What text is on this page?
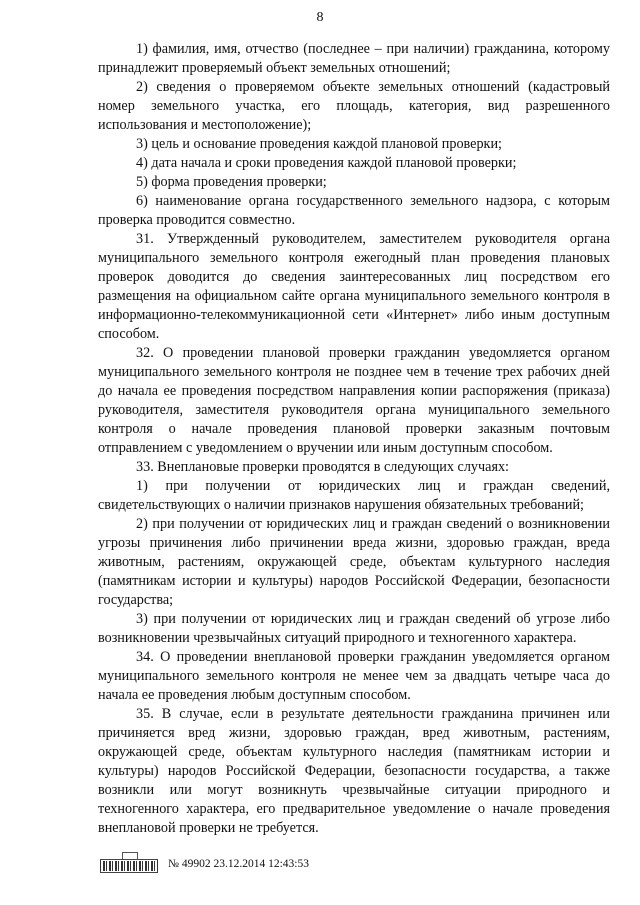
8

1) фамилия, имя, отчество (последнее – при наличии) гражданина, которому принадлежит проверяемый объект земельных отношений;

2) сведения о проверяемом объекте земельных отношений (кадастровый номер земельного участка, его площадь, категория, вид разрешенного использования и местоположение);

3) цель и основание проведения каждой плановой проверки;

4) дата начала и сроки проведения каждой плановой проверки;

5) форма проведения проверки;

6) наименование органа государственного земельного надзора, с которым проверка проводится совместно.

31. Утвержденный руководителем, заместителем руководителя органа муниципального земельного контроля ежегодный план проведения плановых проверок доводится до сведения заинтересованных лиц посредством его размещения на официальном сайте органа муниципального земельного контроля в информационно-телекоммуникационной сети «Интернет» либо иным доступным способом.

32. О проведении плановой проверки гражданин уведомляется органом муниципального земельного контроля не позднее чем в течение трех рабочих дней до начала ее проведения посредством направления копии распоряжения (приказа) руководителя, заместителя руководителя органа муниципального земельного контроля о начале проведения плановой проверки заказным почтовым отправлением с уведомлением о вручении или иным доступным способом.

33. Внеплановые проверки проводятся в следующих случаях:

1) при получении от юридических лиц и граждан сведений, свидетельствующих о наличии признаков нарушения обязательных требований;

2) при получении от юридических лиц и граждан сведений о возникновении угрозы причинения либо причинении вреда жизни, здоровью граждан, вреда животным, растениям, окружающей среде, объектам культурного наследия (памятникам истории и культуры) народов Российской Федерации, безопасности государства;

3) при получении от юридических лиц и граждан сведений об угрозе либо возникновении чрезвычайных ситуаций природного и техногенного характера.

34. О проведении внеплановой проверки гражданин уведомляется органом муниципального земельного контроля не менее чем за двадцать четыре часа до начала ее проведения любым доступным способом.

35. В случае, если в результате деятельности гражданина причинен или причиняется вред жизни, здоровью граждан, вред животным, растениям, окружающей среде, объектам культурного наследия (памятникам истории и культуры) народов Российской Федерации, безопасности государства, а также возникли или могут возникнуть чрезвычайные ситуации природного и техногенного характера, его предварительное уведомление о начале проведения внеплановой проверки не требуется.

№ 49902 23.12.2014 12:43:53
